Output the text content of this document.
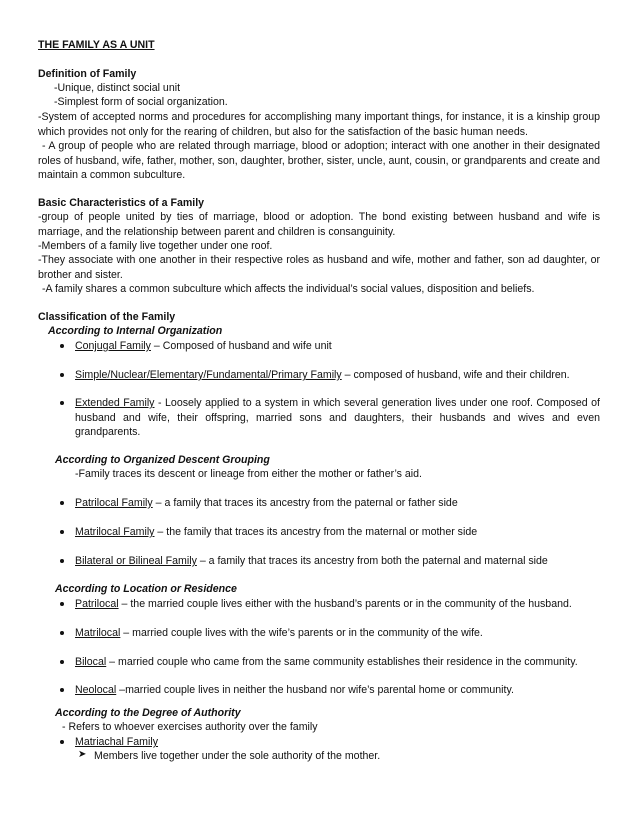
THE FAMILY AS A UNIT
Definition of Family
-Unique, distinct social unit
-Simplest form of social organization.
-System of accepted norms and procedures for accomplishing many important things, for instance, it is a kinship group which provides not only for the rearing of children, but also for the satisfaction of the basic human needs.
- A group of people who are related through marriage, blood or adoption; interact with one another in their designated roles of husband, wife, father, mother, son, daughter, brother, sister, uncle, aunt, cousin, or grandparents and create and maintain a common subculture.
Basic Characteristics of a Family
-group of people united by ties of marriage, blood or adoption. The bond existing between husband and wife is marriage, and the relationship between parent and children is consanguinity.
-Members of a family live together under one roof.
-They associate with one another in their respective roles as husband and wife, mother and father, son ad daughter, or brother and sister.
-A family shares a common subculture which affects the individual’s social values, disposition and beliefs.
Classification of the Family
According to Internal Organization
Conjugal Family – Composed of husband and wife unit
Simple/Nuclear/Elementary/Fundamental/Primary Family – composed of husband, wife and their children.
Extended Family - Loosely applied to a system in which several generation lives under one roof. Composed of husband and wife, their offspring, married sons and daughters, their husbands and wives and even grandparents.
According to Organized Descent Grouping
-Family traces its descent or lineage from either the mother or father’s aid.
Patrilocal Family – a family that traces its ancestry from the paternal or father side
Matrilocal Family – the family that traces its ancestry from the maternal or mother side
Bilateral or Bilineal Family – a family that traces its ancestry from both the paternal and maternal side
According to Location or Residence
Patrilocal – the married couple lives either with the husband’s parents or in the community of the husband.
Matrilocal – married couple lives with the wife’s parents or in the community of the wife.
Bilocal – married couple who came from the same community establishes their residence in the community.
Neolocal –married couple lives in neither the husband nor wife’s parental home or community.
According to the Degree of Authority
- Refers to whoever exercises authority over the family
Matriachal Family
➤ Members live together under the sole authority of the mother.
